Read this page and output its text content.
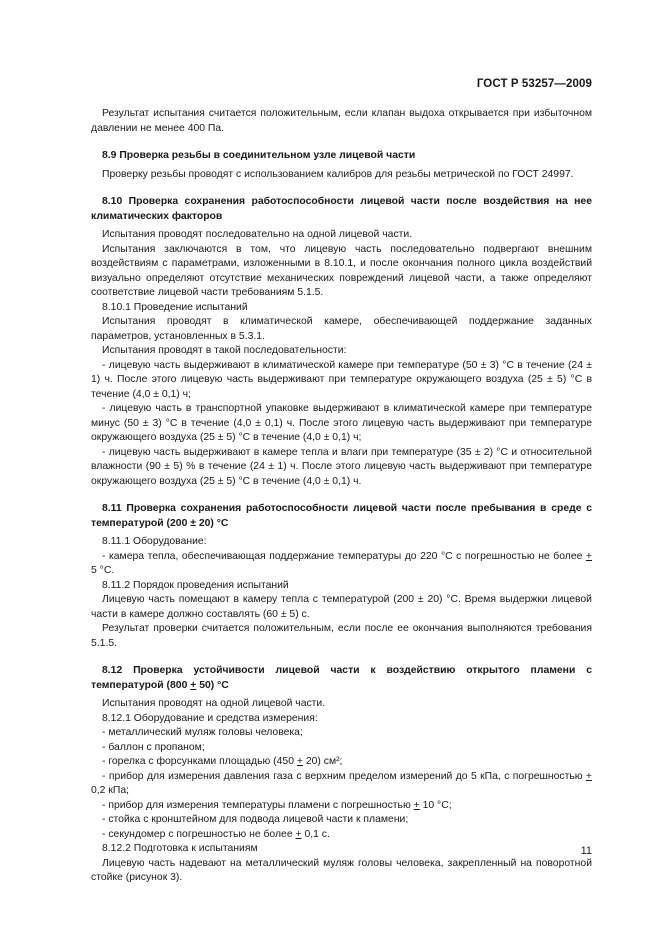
ГОСТ Р 53257—2009

Результат испытания считается положительным, если клапан выдоха открывается при избыточном давлении не менее 400 Па.

8.9 Проверка резьбы в соединительном узле лицевой части

Проверку резьбы проводят с использованием калибров для резьбы метрической по ГОСТ 24997.

8.10 Проверка сохранения работоспособности лицевой части после воздействия на нее климатических факторов

Испытания проводят последовательно на одной лицевой части.

Испытания заключаются в том, что лицевую часть последовательно подвергают внешним воздействиям с параметрами, изложенными в 8.10.1, и после окончания полного цикла воздействий визуально определяют отсутствие механических повреждений лицевой части, а также определяют соответствие лицевой части требованиям 5.1.5.

8.10.1 Проведение испытаний

Испытания проводят в климатической камере, обеспечивающей поддержание заданных параметров, установленных в 5.3.1.

Испытания проводят в такой последовательности:

- лицевую часть выдерживают в климатической камере при температуре (50 ± 3) °С в течение (24 ± 1) ч. После этого лицевую часть выдерживают при температуре окружающего воздуха (25 ± 5) °С в течение (4,0 ± 0,1) ч;

- лицевую часть в транспортной упаковке выдерживают в климатической камере при температуре минус (50 ± 3) °С в течение (4,0 ± 0,1) ч. После этого лицевую часть выдерживают при температуре окружающего воздуха (25 ± 5) °С в течение (4,0 ± 0,1) ч;

- лицевую часть выдерживают в камере тепла и влаги при температуре (35 ± 2) °С и относительной влажности (90 ± 5) % в течение (24 ± 1) ч. После этого лицевую часть выдерживают при температуре окружающего воздуха (25 ± 5) °С в течение (4,0 ± 0,1) ч.

8.11 Проверка сохранения работоспособности лицевой части после пребывания в среде с температурой (200 ± 20) °С

8.11.1 Оборудование:

- камера тепла, обеспечивающая поддержание температуры до 220 °С с погрешностью не более + 5 °С.

8.11.2 Порядок проведения испытаний

Лицевую часть помещают в камеру тепла с температурой (200 ± 20) °С. Время выдержки лицевой части в камере должно составлять (60 ± 5) с.

Результат проверки считается положительным, если после ее окончания выполняются требования 5.1.5.

8.12 Проверка устойчивости лицевой части к воздействию открытого пламени с температурой (800 + 50) °С

Испытания проводят на одной лицевой части.

8.12.1 Оборудование и средства измерения:

- металлический муляж головы человека;

- баллон с пропаном;

- горелка с форсунками площадью (450 + 20) см²;

- прибор для измерения давления газа с верхним пределом измерений до 5 кПа, с погрешностью + 0,2 кПа;

- прибор для измерения температуры пламени с погрешностью + 10 °С;

- стойка с кронштейном для подвода лицевой части к пламени;

- секундомер с погрешностью не более + 0,1 с.

8.12.2 Подготовка к испытаниям

Лицевую часть надевают на металлический муляж головы человека, закрепленный на поворотной стойке (рисунок 3).

11
